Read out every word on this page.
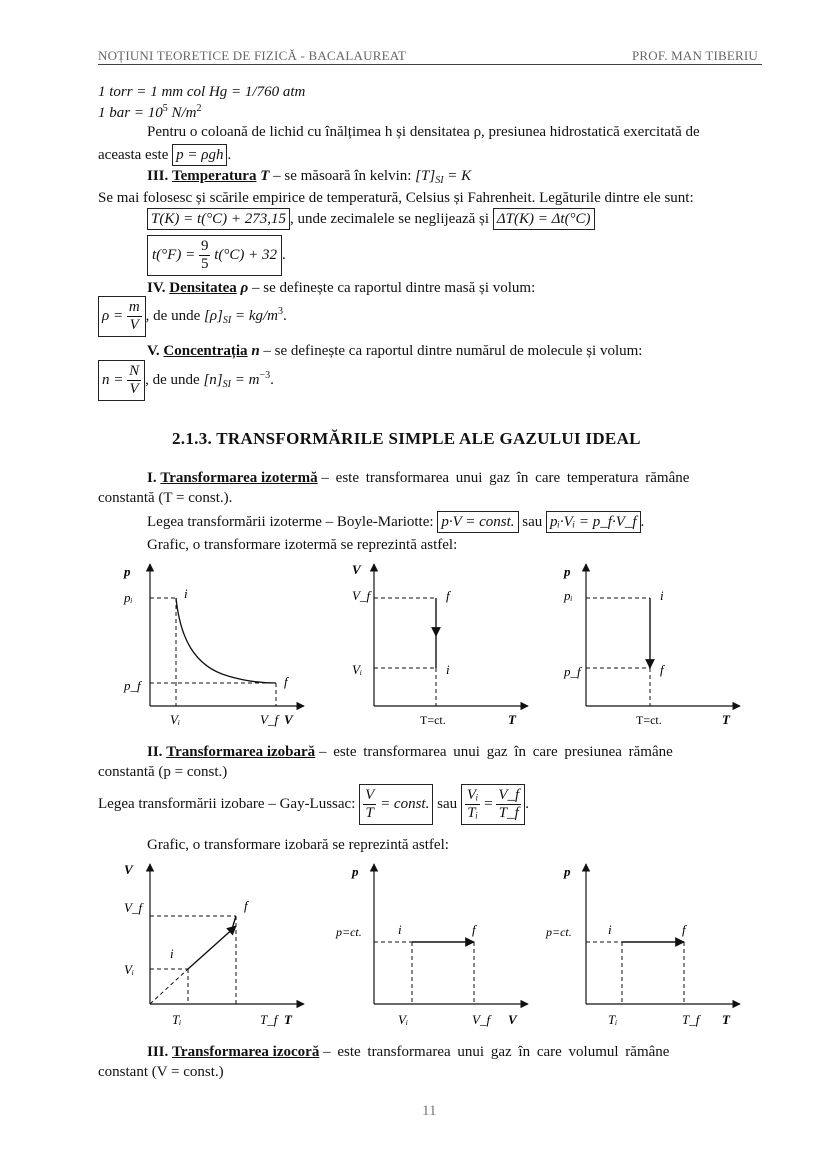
NOȚIUNI TEORETICE DE FIZICĂ - BACALAUREAT	PROF. MAN TIBERIU
1 torr = 1 mm col Hg = 1/760 atm
1 bar = $10^5$ $N/m^2$
Pentru o coloană de lichid cu înălțimea h și densitatea ρ, presiunea hidrostatică exercitată de
aceasta este p = ρgh .
III. Temperatura T – se măsoară în kelvin: $[T]_{SI} = K$
Se mai folosesc și scările empirice de temperatură, Celsius și Fahrenheit. Legăturile dintre ele sunt:
T(K) = t(°C) + 273,15 , unde zecimalele se neglijează și ΔT(K) = Δt(°C)
$t(^\circ F) = \frac{9}{5} t(^\circ C) + 32$ .
IV. Densitatea ρ – se definește ca raportul dintre masă și volum:
$\rho = \frac{m}{V}$ , de unde $[\rho]_{SI} = kg/m^3$.
V. Concentrația n – se definește ca raportul dintre numărul de molecule și volum:
$n = \frac{N}{V}$ , de unde $[n]_{SI} = m^{-3}$.
2.1.3. TRANSFORMĂRILE SIMPLE ALE GAZULUI IDEAL
I. Transformarea izotermă – este transformarea unui gaz în care temperatura rămâne
constantă (T = const.).
Legea transformării izoterme – Boyle-Mariotte: p·V = const. sau pᵢ·Vᵢ = p_f·V_f .
Grafic, o transformare izotermă se reprezintă astfel:
p
pᵢ
p_f
i
f
Vᵢ	V_f V
V
V_f
Vᵢ
f
i
T=ct.	T
p
pᵢ
p_f
i
f
T=ct.	T
II. Transformarea izobară – este transformarea unui gaz în care presiunea rămâne
constantă (p = const.)
Legea transformării izobare – Gay-Lussac: $\frac{V}{T}$ = const. sau $\frac{\text{Vᵢ}}{\text{Tᵢ}} = \frac{V\_f}{T\_f}$ .
Grafic, o transformare izobară se reprezintă astfel:
V
V_f
Vᵢ
i
f
Tᵢ	T_f T
p
p=ct.	i	f
Vᵢ	V_f V
p
p=ct.	i	f
Tᵢ	T_f T
III. Transformarea izocoră – este transformarea unui gaz în care volumul rămâne
constant (V = const.)
11
